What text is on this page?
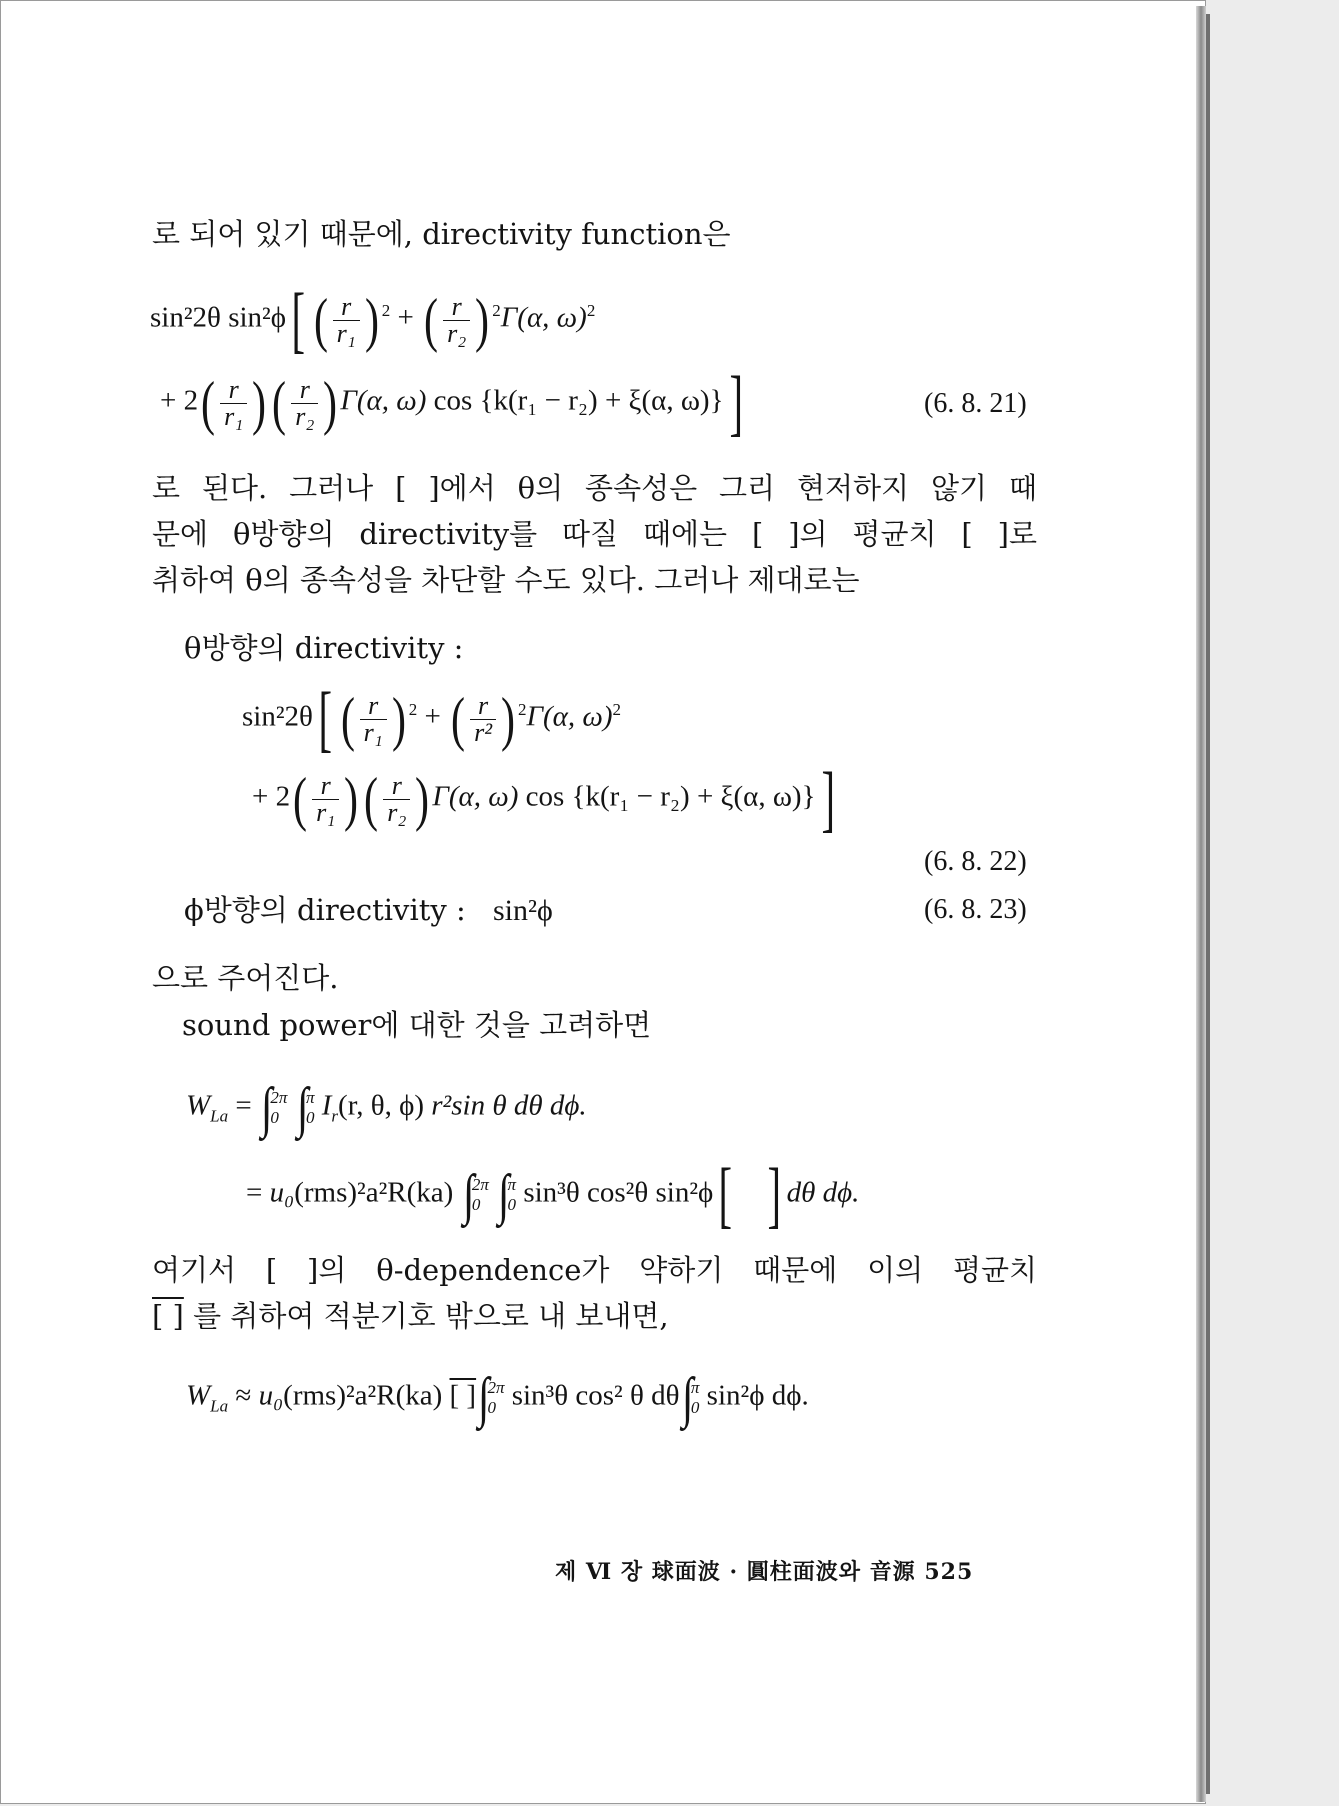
로 되어 있기 때문에, directivity function은
sin²2θ sin²ϕ[ ( $\frac{r}{\text{r₁}}$ ) $^2$ + ( $\frac{r}{\text{r₂}}$ ) $^2$Γ(α, ω)$^2$
+ $2( \frac{r}{\text{r₁}}$ )( $\frac{r}{\text{r₂}}$ ) Γ(α, ω) cos {k(r₁ − r₂) + ξ(α, ω)}]	(6. 8. 21)
로 된다. 그러나 [ ]에서 θ의 종속성은 그리 현저하지 않기 때
문에 θ방향의 directivity를 따질 때에는 [ ]의 평균치 [ ]로
취하여 θ의 종속성을 차단할 수도 있다. 그러나 제대로는
θ방향의 directivity :
sin²2θ[ ( $\frac{r}{\text{r₁}}$ ) $^2$ + ( $\frac{r}{\text{r²}}$ ) $^2$Γ(α, ω)$^2$
+ $2( \frac{r}{\text{r₁}}$ )( $\frac{r}{\text{r₂}}$ ) Γ(α, ω) cos {k(r₁ − r₂) + ξ(α, ω)}]
(6. 8. 22)
ϕ방향의 directivity : sin²ϕ	(6. 8. 23)
으로 주어진다.
sound power에 대한 것을 고려하면
$W_{La}$ = ∫
2π
0 ∫
π
0 $I_r(r$, θ, ϕ) r²sin θ dθ dϕ.
= u₀(rms)²a²R(ka) ∫
2π
0 ∫
π
0 sin³θ cos²θ sin²ϕ[ ] dθ dϕ.
여기서 [ ]의 θ-dependence가 약하기 때문에 이의 평균치
[ ] 를 취하여 적분기호 밖으로 내 보내면,
$W_{La} \approx u_0(rms)^2a^2R(ka)$ [ ]∫
2π
0 sin³θ cos² θ dθ∫
π
0 sin²ϕ dϕ.
제 Ⅵ 장 球面波 · 圓柱面波와 音源 525
